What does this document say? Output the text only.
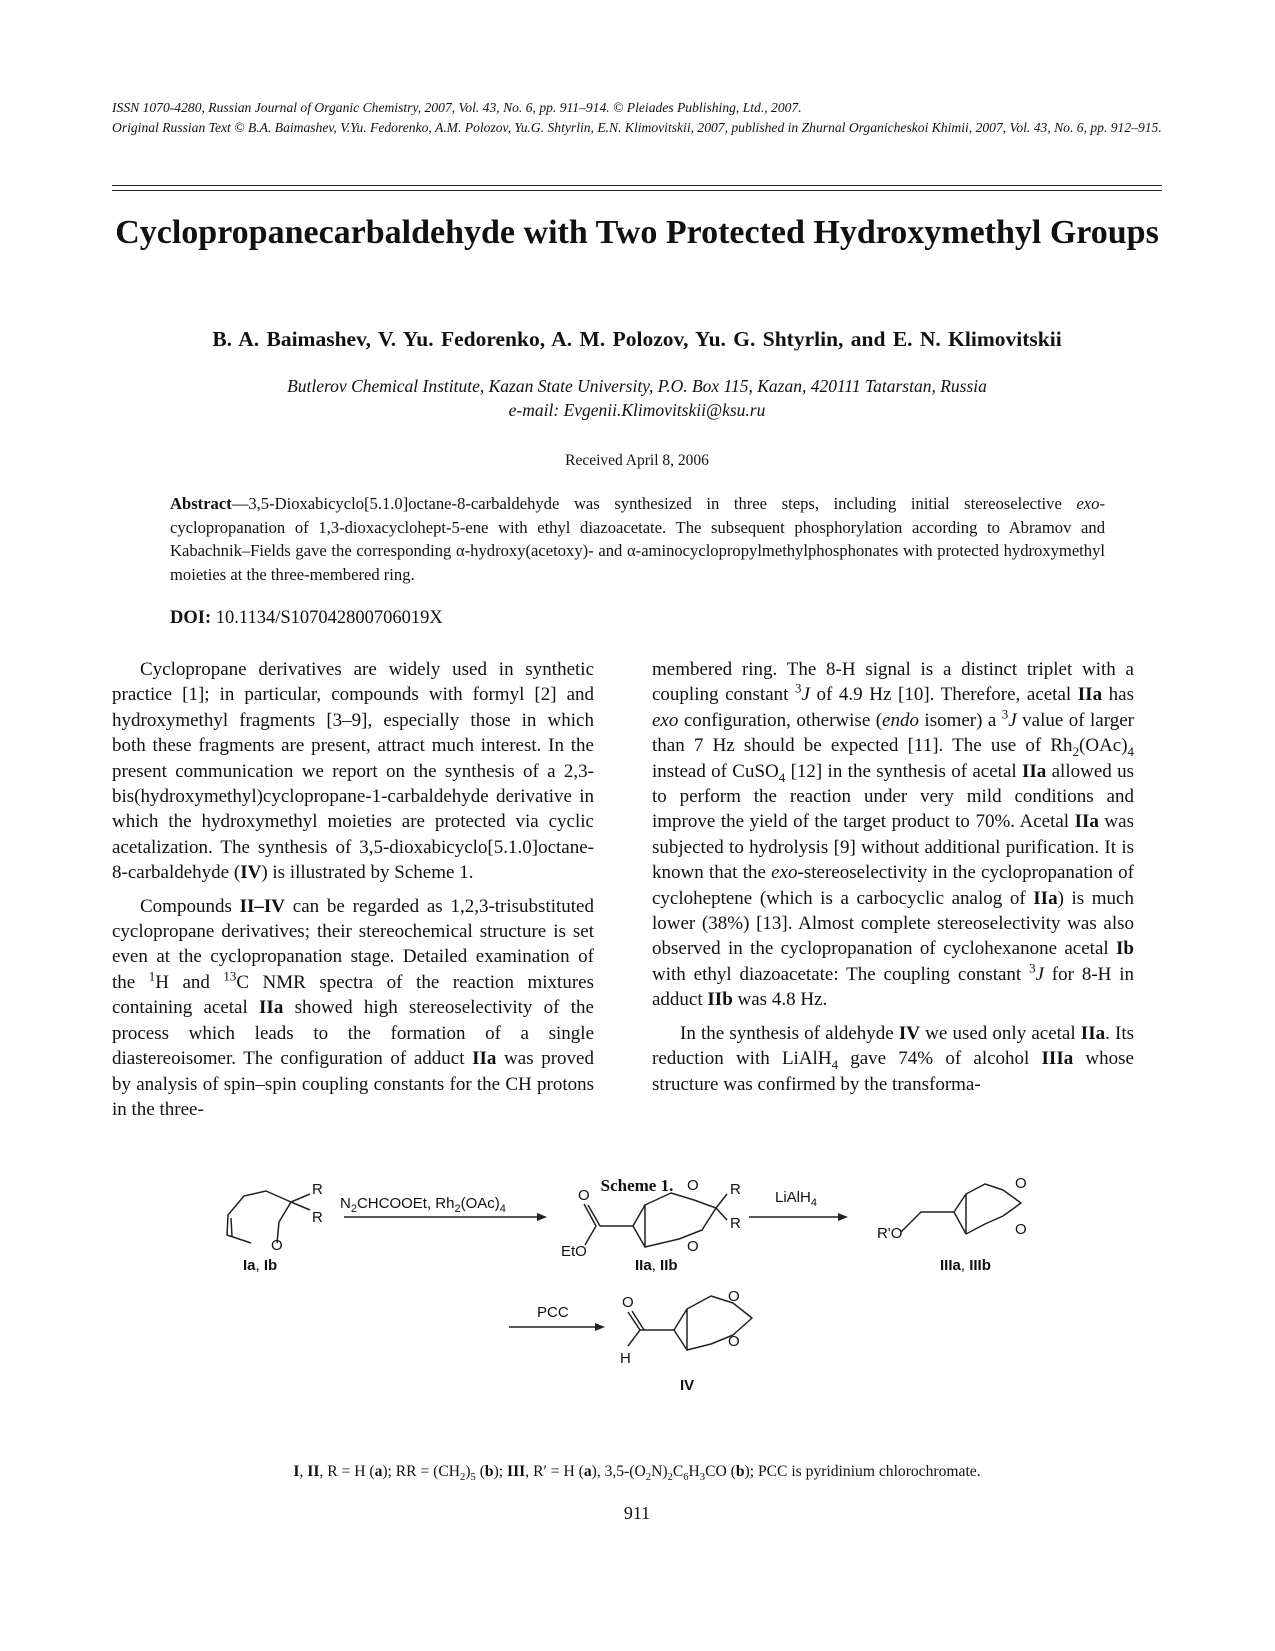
ISSN 1070-4280, Russian Journal of Organic Chemistry, 2007, Vol. 43, No. 6, pp. 911–914. © Pleiades Publishing, Ltd., 2007.

Original Russian Text © B.A. Baimashev, V.Yu. Fedorenko, A.M. Polozov, Yu.G. Shtyrlin, E.N. Klimovitskii, 2007, published in Zhurnal Organicheskoi Khimii, 2007, Vol. 43, No. 6, pp. 912–915.

Cyclopropanecarbaldehyde with Two Protected Hydroxymethyl Groups

B. A. Baimashev, V. Yu. Fedorenko, A. M. Polozov, Yu. G. Shtyrlin, and E. N. Klimovitskii

Butlerov Chemical Institute, Kazan State University, P.O. Box 115, Kazan, 420111 Tatarstan, Russia
e-mail: Evgenii.Klimovitskii@ksu.ru

Received April 8, 2006

Abstract—3,5-Dioxabicyclo[5.1.0]octane-8-carbaldehyde was synthesized in three steps, including initial stereoselective exo-cyclopropanation of 1,3-dioxacyclohept-5-ene with ethyl diazoacetate. The subsequent phosphorylation according to Abramov and Kabachnik–Fields gave the corresponding α-hydroxy(acetoxy)- and α-aminocyclopropylmethylphosphonates with protected hydroxymethyl moieties at the three-membered ring.

DOI: 10.1134/S107042800706019X

Cyclopropane derivatives are widely used in synthetic practice [1]; in particular, compounds with formyl [2] and hydroxymethyl fragments [3–9], especially those in which both these fragments are present, attract much interest. In the present communication we report on the synthesis of a 2,3-bis(hydroxymethyl)cyclopropane-1-carbaldehyde derivative in which the hydroxymethyl moieties are protected via cyclic acetalization. The synthesis of 3,5-dioxabicyclo[5.1.0]octane-8-carbaldehyde (IV) is illustrated by Scheme 1.

Compounds II–IV can be regarded as 1,2,3-trisubstituted cyclopropane derivatives; their stereochemical structure is set even at the cyclopropanation stage. Detailed examination of the $^1$H and $^{13}$C NMR spectra of the reaction mixtures containing acetal IIa showed high stereoselectivity of the process which leads to the formation of a single diastereoisomer. The configuration of adduct IIa was proved by analysis of spin–spin coupling constants for the CH protons in the three-

membered ring. The 8-H signal is a distinct triplet with a coupling constant $^3$J of 4.9 Hz [10]. Therefore, acetal IIa has exo configuration, otherwise (endo isomer) a $^3$J value of larger than 7 Hz should be expected [11]. The use of $Rh_2(OAc)_4$ instead of CuSO$_4$ [12] in the synthesis of acetal IIa allowed us to perform the reaction under very mild conditions and improve the yield of the target product to 70%. Acetal IIa was subjected to hydrolysis [9] without additional purification. It is known that the exo-stereoselectivity in the cyclopropanation of cycloheptene (which is a carbocyclic analog of IIa) is much lower (38%) [13]. Almost complete stereoselectivity was also observed in the cyclopropanation of cyclohexanone acetal Ib with ethyl diazoacetate: The coupling constant $^3$J for 8-H in adduct IIb was 4.8 Hz.

In the synthesis of aldehyde IV we used only acetal IIa. Its reduction with LiAlH$_4$ gave 74% of alcohol IIIa whose structure was confirmed by the transforma-

Scheme 1.

O
R
R
Ia, Ib
$N_2CHCOOEt$, $Rh_2(OAc)_4$
O
EtO
O
O
R
R
IIa, IIb
LiAlH$_4$
R'O
O
O
IIIa, IIIb
PCC
O
H
O
O
IV

I, II, R = H (a); RR = $(CH_2)_5$ (b); III, R′ = H (a), $3,5-(O_2N)_2C_6H_3CO$ (b); PCC is pyridinium chlorochromate.

911
